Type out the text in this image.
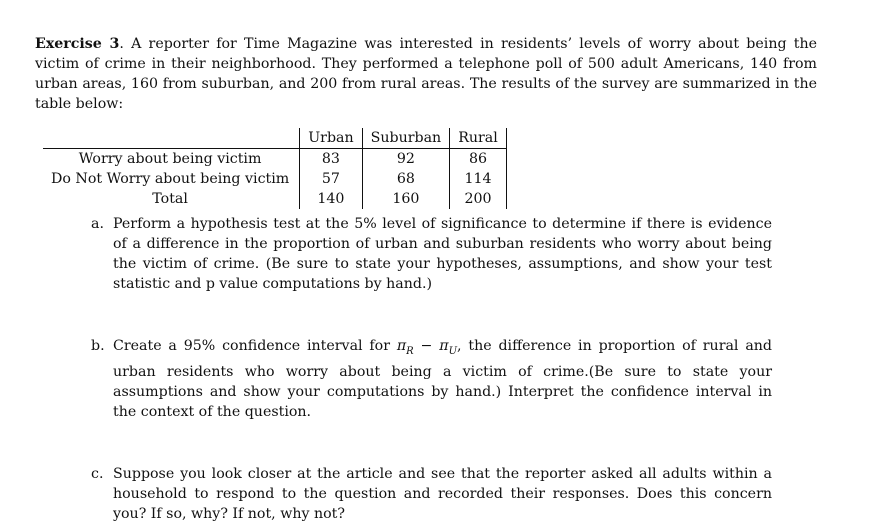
Exercise 3. A reporter for Time Magazine was interested in residents’ levels of worry about being the victim of crime in their neighborhood. They performed a telephone poll of 500 adult Americans, 140 from urban areas, 160 from suburban, and 200 from rural areas. The results of the survey are summarized in the table below:

	Urban	Suburban	Rural
Worry about being victim	83	92	86
Do Not Worry about being victim	57	68	114
Total	140	160	200
a. Perform a hypothesis test at the 5% level of significance to determine if there is evidence of a difference in the proportion of urban and suburban residents who worry about being the victim of crime. (Be sure to state your hypotheses, assumptions, and show your test statistic and p value computations by hand.)
b. Create a 95% confidence interval for $\pi_R - \pi_U$, the difference in proportion of rural and urban residents who worry about being a victim of crime.(Be sure to state your assumptions and show your computations by hand.) Interpret the confidence interval in the context of the question.
c. Suppose you look closer at the article and see that the reporter asked all adults within a household to respond to the question and recorded their responses. Does this concern you? If so, why? If not, why not?
